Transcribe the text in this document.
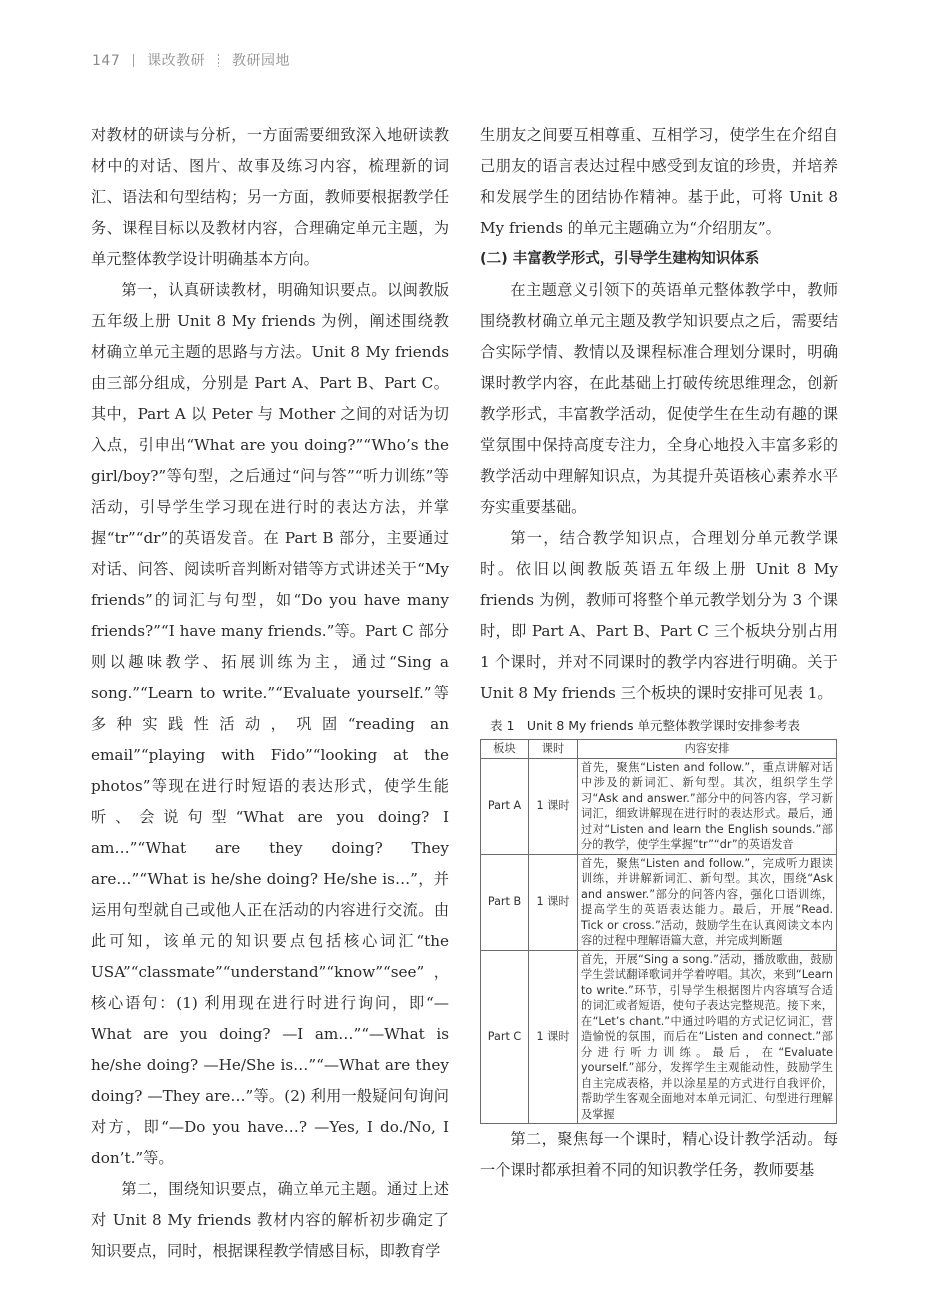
147 课改教研 教研园地

对教材的研读与分析，一方面需要细致深入地研读教材中的对话、图片、故事及练习内容，梳理新的词汇、语法和句型结构；另一方面，教师要根据教学任务、课程目标以及教材内容，合理确定单元主题，为单元整体教学设计明确基本方向。

第一，认真研读教材，明确知识要点。以闽教版五年级上册 Unit 8 My friends 为例，阐述围绕教材确立单元主题的思路与方法。Unit 8 My friends 由三部分组成，分别是 Part A、Part B、Part C。其中，Part A 以 Peter 与 Mother 之间的对话为切入点，引申出“What are you doing?”“Who’s the girl/boy?”等句型，之后通过“问与答”“听力训练”等活动，引导学生学习现在进行时的表达方法，并掌握“tr”“dr”的英语发音。在 Part B 部分，主要通过对话、问答、阅读听音判断对错等方式讲述关于“My friends”的词汇与句型，如“Do you have many friends?”“I have many friends.”等。Part C 部分则以趣味教学、拓展训练为主，通过“Sing a song.”“Learn to write.”“Evaluate yourself.”等多种实践性活动，巩固“reading an email”“playing with Fido”“looking at the photos”等现在进行时短语的表达形式，使学生能听、会说句型“What are you doing? I am…”“What are they doing? They are…”“What is he/she doing? He/she is…”，并运用句型就自己或他人正在活动的内容进行交流。由此可知，该单元的知识要点包括核心词汇“the USA”“classmate”“understand”“know”“see”，核心语句：(1) 利用现在进行时进行询问，即“—What are you doing? —I am…”“—What is he/she doing? —He/She is…”“—What are they doing? —They are…”等。(2) 利用一般疑问句询问对方，即“—Do you have…? —Yes, I do./No, I don’t.”等。

第二，围绕知识要点，确立单元主题。通过上述对 Unit 8 My friends 教材内容的解析初步确定了知识要点，同时，根据课程教学情感目标，即教育学

生朋友之间要互相尊重、互相学习，使学生在介绍自己朋友的语言表达过程中感受到友谊的珍贵，并培养和发展学生的团结协作精神。基于此，可将 Unit 8 My friends 的单元主题确立为“介绍朋友”。

(二) 丰富教学形式，引导学生建构知识体系

在主题意义引领下的英语单元整体教学中，教师围绕教材确立单元主题及教学知识要点之后，需要结合实际学情、教情以及课程标准合理划分课时，明确课时教学内容，在此基础上打破传统思维理念，创新教学形式，丰富教学活动，促使学生在生动有趣的课堂氛围中保持高度专注力，全身心地投入丰富多彩的教学活动中理解知识点，为其提升英语核心素养水平夯实重要基础。

第一，结合教学知识点，合理划分单元教学课时。依旧以闽教版英语五年级上册 Unit 8 My friends 为例，教师可将整个单元教学划分为 3 个课时，即 Part A、Part B、Part C 三个板块分别占用 1 个课时，并对不同课时的教学内容进行明确。关于 Unit 8 My friends 三个板块的课时安排可见表 1。

表 1　Unit 8 My friends 单元整体教学课时安排参考表
板块	课时	内容安排
Part A	1 课时	首先，聚焦“Listen and follow.”，重点讲解对话中涉及的新词汇、新句型。其次，组织学生学习“Ask and answer.”部分中的问答内容，学习新词汇，细致讲解现在进行时的表达形式。最后，通过对“Listen and learn the English sounds.”部分的教学，使学生掌握“tr”“dr”的英语发音
Part B	1 课时	首先，聚焦“Listen and follow.”，完成听力跟读训练，并讲解新词汇、新句型。其次，围绕“Ask and answer.”部分的问答内容，强化口语训练，提高学生的英语表达能力。最后，开展“Read. Tick or cross.”活动，鼓励学生在认真阅读文本内容的过程中理解语篇大意，并完成判断题
Part C	1 课时	首先，开展“Sing a song.”活动，播放歌曲，鼓励学生尝试翻译歌词并学着哼唱。其次，来到“Learn to write.”环节，引导学生根据图片内容填写合适的词汇或者短语，使句子表达完整规范。接下来，在“Let’s chant.”中通过吟唱的方式记忆词汇，营造愉悦的氛围，而后在“Listen and connect.”部分进行听力训练。最后，在“Evaluate yourself.”部分，发挥学生主观能动性，鼓励学生自主完成表格，并以涂星星的方式进行自我评价，帮助学生客观全面地对本单元词汇、句型进行理解及掌握

第二，聚焦每一个课时，精心设计教学活动。每一个课时都承担着不同的知识教学任务，教师要基
